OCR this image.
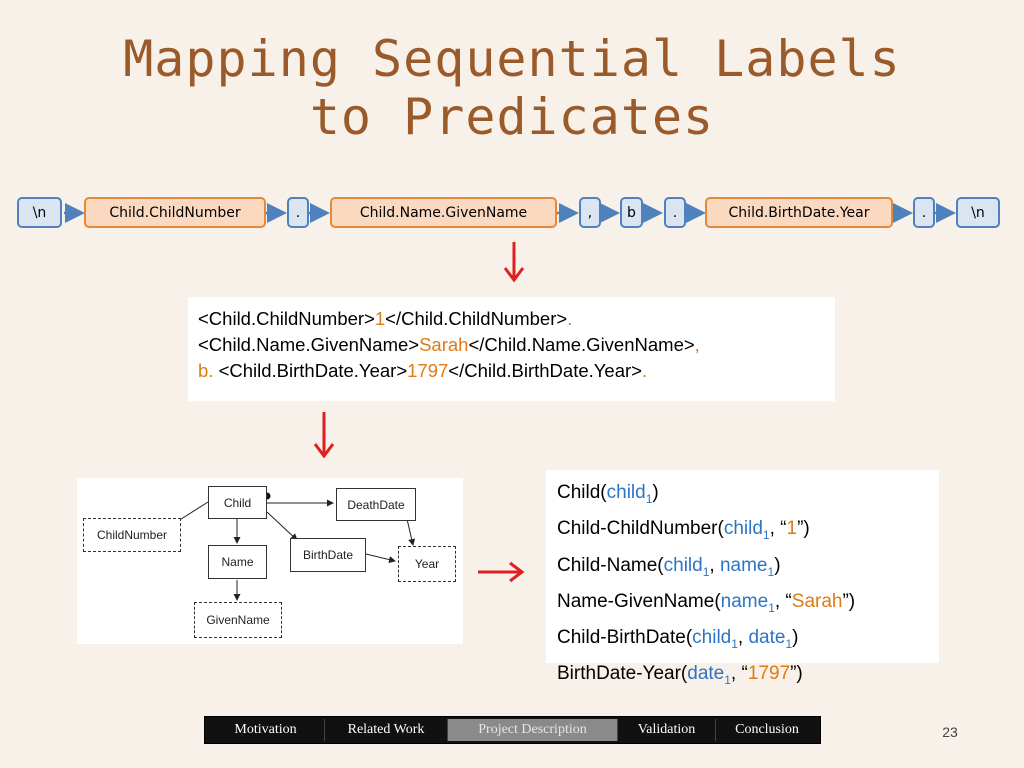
Mapping Sequential Labels
to Predicates
\n	Child.ChildNumber	.	Child.Name.GivenName	,	b	.	Child.BirthDate.Year	.	\n
<Child.ChildNumber>1</Child.ChildNumber>.
<Child.Name.GivenName>Sarah</Child.Name.GivenName>,
b. <Child.BirthDate.Year>1797</Child.BirthDate.Year>.
Child
ChildNumber
Name
GivenName
DeathDate
BirthDate
Year
Child(child$_1$)
Child-ChildNumber(child$_1$, “1”)
Child-Name(child$_1$, name$_1$)
Name-GivenName(name$_1$, “Sarah”)
Child-BirthDate(child$_1$, date$_1$)
BirthDate-Year(date$_1$, “1797”)
Motivation	Related Work	Project Description	Validation	Conclusion	23
